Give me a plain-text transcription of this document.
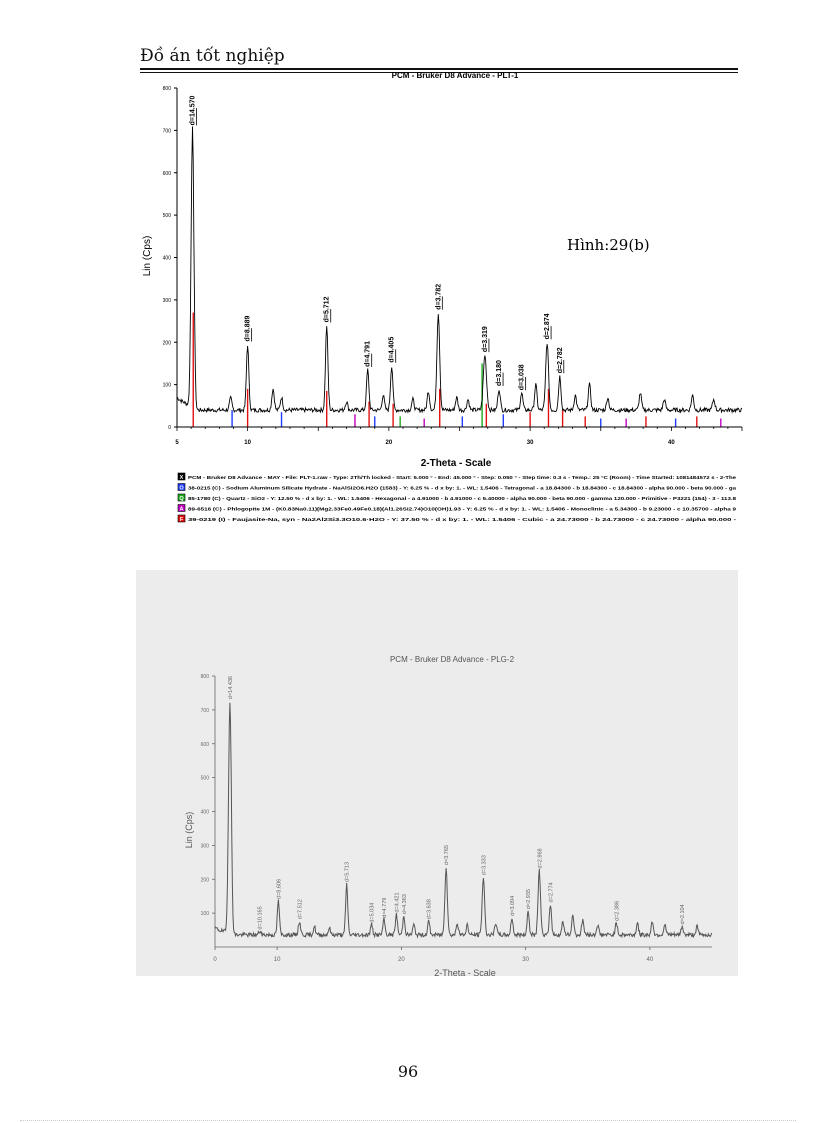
Đồ án tốt nghiệp
PCM - Bruker D8 Advance - PLT-1
0
100
200
300
400
500
600
700
800
5	10	20	30	40
d=14.570
d=8.889
d=5.712
d=4.791 d=4.405
d=3.782
d=3.319
d=3.180 d=3.038
d=2.874
d=2.782
2-Theta - Scale
Lin (Cps)	Hình:29(b)
X PCM - Bruker D8 Advance - MAY - File: PLT-1.raw - Type: 2Th/Th locked - Start: 5.000 ° - End: 45.000 ° - Step: 0.050 ° - Step time: 0.3 s - Temp.: 25 °C (Room) - Time Started: 1081484572 s - 2-The
O 38-0215 (C) - Sodium Aluminum Silicate Hydrate - NaAlSi2O6.H2O (1583) - Y: 6.25 % - d x by: 1. - WL: 1.5406 - Tetragonal - a 18.84300 - b 18.84300 - c 18.84300 - alpha 90.000 - beta 90.000 - ga
Q 85-1780 (C) - Quartz - SiO2 - Y: 12.50 % - d x by: 1. - WL: 1.5406 - Hexagonal - a 4.91000 - b 4.91000 - c 5.40000 - alpha 90.000 - beta 90.000 - gamma 120.000 - Primitive - P3221 (154) - 3 - 113.8
A 89-6516 (C) - Phlogopite 1M - (K0.83Na0.11)(Mg2.33Fe0.49Fe0.18)(Al1.26Si2.74)O10(OH)1.93 - Y: 6.25 % - d x by: 1. - WL: 1.5406 - Monoclinic - a 5.34300 - b 9.23000 - c 10.35700 - alpha 9
F 39-0219 (I) - Faujasite-Na, syn - Na2Al2Si3.3O10.6·H2O - Y: 37.50 % - d x by: 1. - WL: 1.5406 - Cubic - a 24.73000 - b 24.73000 - c 24.73000 - alpha 90.000 -
PCM - Bruker D8 Advance - PLG-2
100
200
300
400
500
600
700
800
0	10	20	30	40
d=14.436
d=10.165
d=8.606
d=7.512
d=5.713
d=5.034 d=4.779 d=4.421 d=4.363	d=3.638
d=3.765
d=3.333
d=3.094 d=2.935
d=2.868
d=2.774
d=2.386	d=2.104
2-Theta - Scale
Lin (Cps)
96
